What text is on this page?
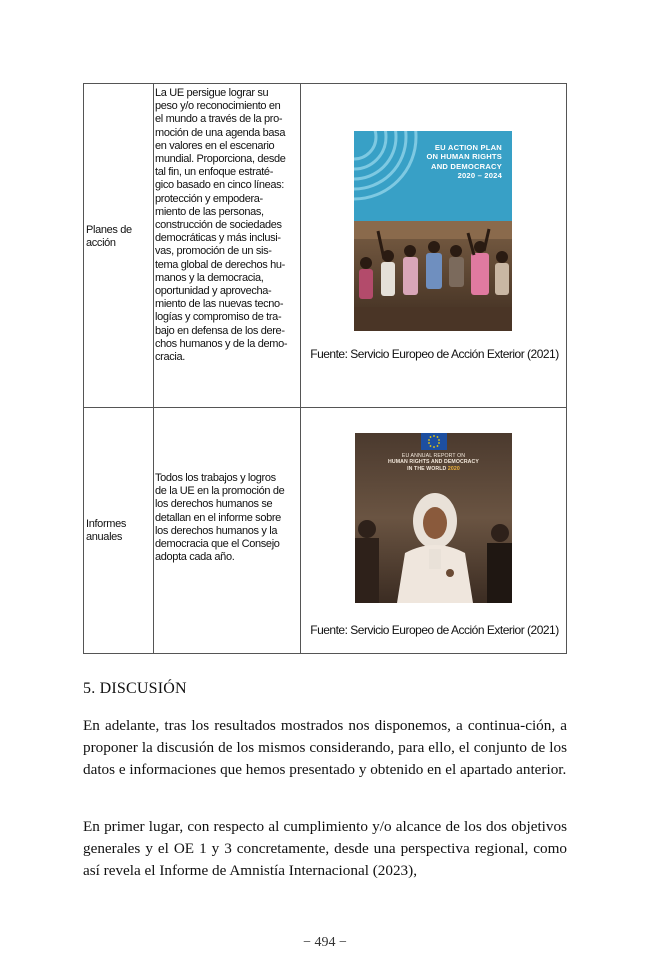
Planes de
acción
La UE persigue lograr su
peso y/o reconocimiento en
el mundo a través de la pro-
moción de una agenda basa
en valores en el escenario
mundial. Proporciona, desde
tal fin, un enfoque estraté-
gico basado en cinco líneas:
protección y empodera-
miento de las personas,
construcción de sociedades
democráticas y más inclusi-
vas, promoción de un sis-
tema global de derechos hu-
manos y la democracia,
oportunidad y aprovecha-
miento de las nuevas tecno-
logías y compromiso de tra-
bajo en defensa de los dere-
chos humanos y de la demo-
cracia.
EU ACTION PLAN
ON HUMAN RIGHTS
AND DEMOCRACY
2020 – 2024
Fuente: Servicio Europeo de Acción Exterior (2021)
Informes
anuales
Todos los trabajos y logros
de la UE en la promoción de
los derechos humanos se
detallan en el informe sobre
los derechos humanos y la
democracia que el Consejo
adopta cada año.
EU ANNUAL REPORT ON
HUMAN RIGHTS AND DEMOCRACY
IN THE WORLD 2020
Fuente: Servicio Europeo de Acción Exterior (2021)
5. DISCUSIÓN
En adelante, tras los resultados mostrados nos disponemos, a continua-ción, a proponer la discusión de los mismos considerando, para ello, el conjunto de los datos e informaciones que hemos presentado y obtenido en el apartado anterior.
En primer lugar, con respecto al cumplimiento y/o alcance de los dos objetivos generales y el OE 1 y 3 concretamente, desde una perspectiva regional, como así revela el Informe de Amnistía Internacional (2023),
− 494 −
